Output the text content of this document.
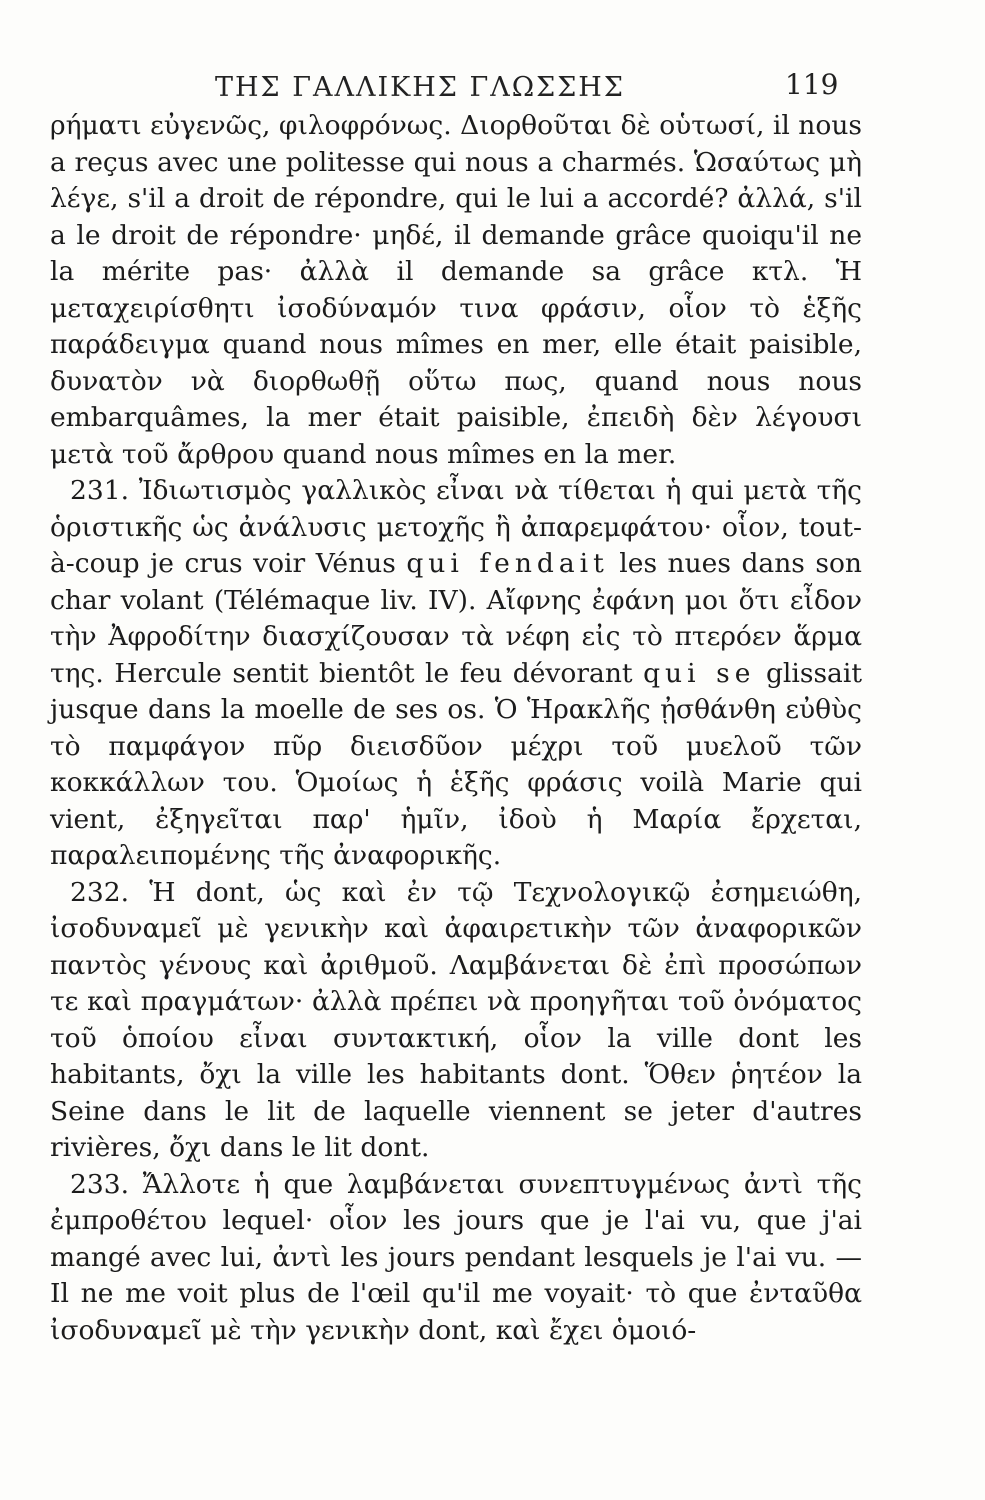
ΤΗΣ ΓΑΛΛΙΚΗΣ ΓΛΩΣΣΗΣ	119

ρήματι εὐγενῶς, φιλοφρόνως. Διορθοῦται δὲ οὑτωσί, il nous a reçus avec une politesse qui nous a charmés. Ὡσαύτως μὴ λέγε, s'il a droit de répondre, qui le lui a accordé? ἀλλά, s'il a le droit de répondre· μηδέ, il demande grâce quoiqu'il ne la mérite pas· ἀλλὰ il demande sa grâce κτλ. Ἡ μεταχειρίσθητι ἰσοδύναμόν τινα φράσιν, οἷον τὸ ἑξῆς παράδειγμα quand nous mîmes en mer, elle était paisible, δυνατὸν νὰ διορθωθῇ οὕτω πως, quand nous nous embarquâmes, la mer était paisible, ἐπειδὴ δὲν λέγουσι μετὰ τοῦ ἄρθρου quand nous mîmes en la mer.

231. Ἰδιωτισμὸς γαλλικὸς εἶναι νὰ τίθεται ἡ qui μετὰ τῆς ὁριστικῆς ὡς ἀνάλυσις μετοχῆς ἢ ἀπαρεμφάτου· οἷον, tout-à-coup je crus voir Vénus qui fendait les nues dans son char volant (Télémaque liv. IV). Αἴφνης ἐφάνη μοι ὅτι εἶδον τὴν Ἀφροδίτην διασχίζουσαν τὰ νέφη εἰς τὸ πτερόεν ἅρμα της. Hercule sentit bientôt le feu dévorant qui se glissait jusque dans la moelle de ses os. Ὁ Ἡρακλῆς ᾐσθάνθη εὐθὺς τὸ παμφάγον πῦρ διεισδῦον μέχρι τοῦ μυελοῦ τῶν κοκκάλλων του. Ὁμοίως ἡ ἑξῆς φράσις voilà Marie qui vient, ἐξηγεῖται παρ' ἡμῖν, ἰδοὺ ἡ Μαρία ἔρχεται, παραλειπομένης τῆς ἀναφορικῆς.

232. Ἡ dont, ὡς καὶ ἐν τῷ Τεχνολογικῷ ἐσημειώθη, ἰσοδυναμεῖ μὲ γενικὴν καὶ ἀφαιρετικὴν τῶν ἀναφορικῶν παντὸς γένους καὶ ἀριθμοῦ. Λαμβάνεται δὲ ἐπὶ προσώπων τε καὶ πραγμάτων· ἀλλὰ πρέπει νὰ προηγῆται τοῦ ὀνόματος τοῦ ὁποίου εἶναι συντακτική, οἷον la ville dont les habitants, ὄχι la ville les habitants dont. Ὅθεν ῥητέον la Seine dans le lit de laquelle viennent se jeter d'autres rivières, ὄχι dans le lit dont.

233. Ἄλλοτε ἡ que λαμβάνεται συνεπτυγμένως ἀντὶ τῆς ἐμπροθέτου lequel· οἷον les jours que je l'ai vu, que j'ai mangé avec lui, ἀντὶ les jours pendant lesquels je l'ai vu. — Il ne me voit plus de l'œil qu'il me voyait· τὸ que ἐνταῦθα ἰσοδυναμεῖ μὲ τὴν γενικὴν dont, καὶ ἔχει ὁμοιό-
